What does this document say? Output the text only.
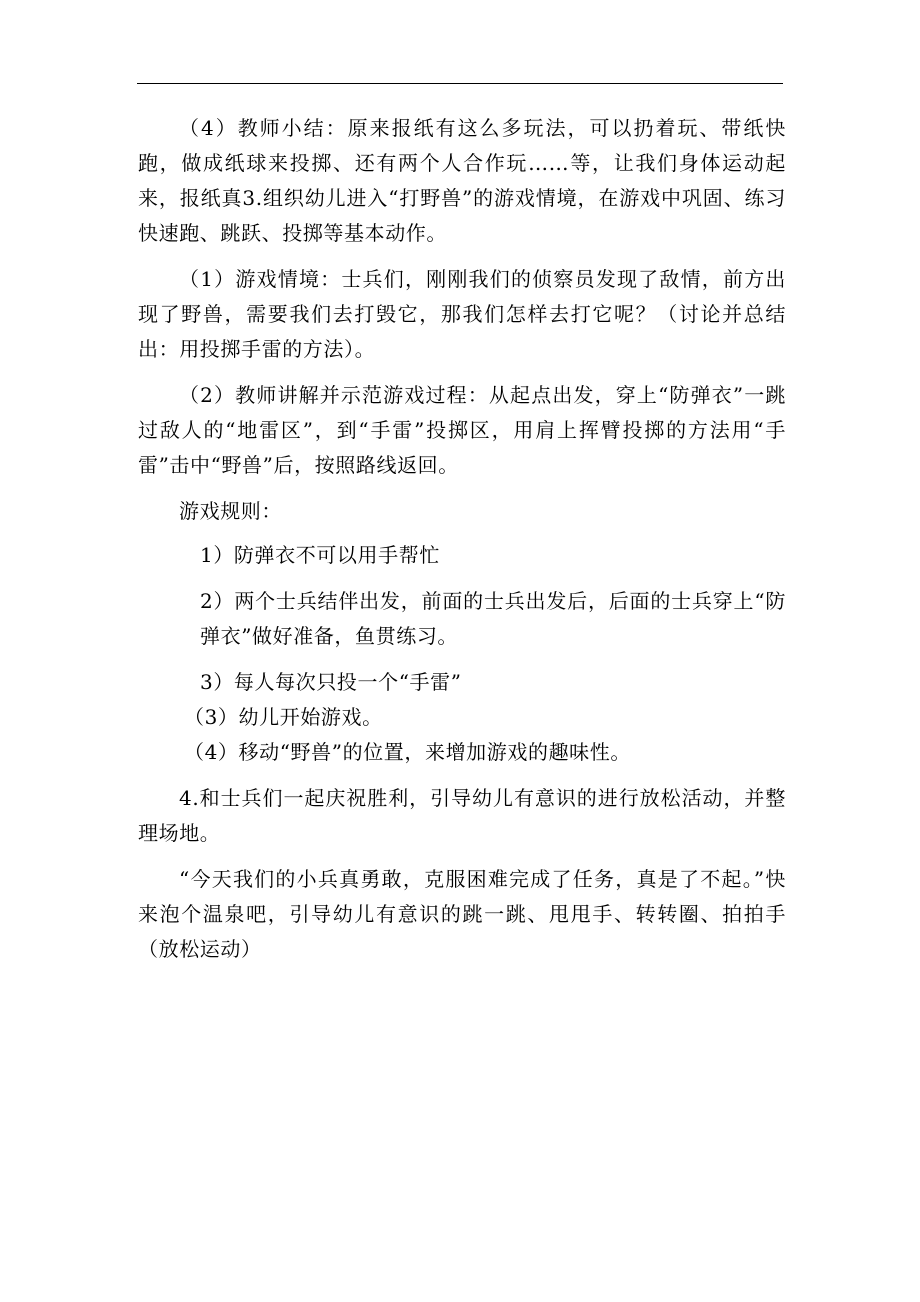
（4）教师小结：原来报纸有这么多玩法，可以扔着玩、带纸快跑，做成纸球来投掷、还有两个人合作玩……等，让我们身体运动起来，报纸真3.组织幼儿进入“打野兽”的游戏情境，在游戏中巩固、练习快速跑、跳跃、投掷等基本动作。

（1）游戏情境：士兵们，刚刚我们的侦察员发现了敌情，前方出现了野兽，需要我们去打毁它，那我们怎样去打它呢？（讨论并总结出：用投掷手雷的方法）。

（2）教师讲解并示范游戏过程：从起点出发，穿上“防弹衣”一跳过敌人的“地雷区”，到“手雷”投掷区，用肩上挥臂投掷的方法用“手雷”击中“野兽”后，按照路线返回。

游戏规则：

1）防弹衣不可以用手帮忙

2）两个士兵结伴出发，前面的士兵出发后，后面的士兵穿上“防弹衣”做好准备，鱼贯练习。

3）每人每次只投一个“手雷”

（3）幼儿开始游戏。

（4）移动“野兽”的位置，来增加游戏的趣味性。

4.和士兵们一起庆祝胜利，引导幼儿有意识的进行放松活动，并整理场地。

“今天我们的小兵真勇敢，克服困难完成了任务，真是了不起。”快来泡个温泉吧，引导幼儿有意识的跳一跳、甩甩手、转转圈、拍拍手（放松运动）
